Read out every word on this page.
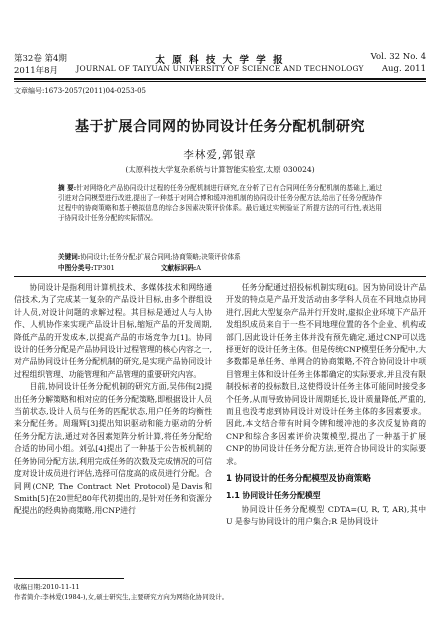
第32卷 第4期	太 原 科 技 大 学 学 报	Vol. 32 No. 4
2011年8月	JOURNAL OF TAIYUAN UNIVERSITY OF SCIENCE AND TECHNOLOGY	Aug. 2011
文章编号:1673-2057(2011)04-0253-05
基于扩展合同网的协同设计任务分配机制研究
李林爱,郭银章
(太原科技大学复杂系统与计算智能实验室,太原 030024)
摘 要:针对网络化产品协同设计过程的任务分配机制进行研究,在分析了已有合同网任务分配机制的基础上,通过引进对合同模型进行改进,提出了一种基于对网合博和缓冲池机制的协同设计任务分配方法,给出了任务分配协作过程中的协商策略和基于模拟信息的综合多因素决策评价体系。最后通过实例验证了所提方法的可行性,表达用于协同设计任务分配的实际情况。
关键词:协同设计;任务分配;扩展合同网;协商策略;决策评价体系
中图分类号:TP301	文献标识码:A

协同设计是指利用计算机技术、多媒体技术和网络通信技术,为了完成某一复杂的产品设计目标,由多个群组设计人员,对设计问题的求解过程。其目标是通过人与人协作、人机协作来实现产品设计目标,缩短产品的开发周期,降低产品的开发成本,以提高产品的市场竞争力[1]。协同设计的任务分配是产品协同设计过程管理的核心内容之一,对产品协同设计任务分配机制的研究,是实现产品协同设计过程组织管理、功能管理和产品管理的重要研究内容。

目前,协同设计任务分配机制的研究方面,吴伟伟[2]提出任务分解策略和相对应的任务分配策略,即根据设计人员当前状态,设计人员与任务的匹配状态,用户任务的均衡性来分配任务。周瑞辉[3]提出知识驱动和能力驱动的分析任务分配方法,通过对各因素矩阵分析计算,将任务分配给合适的协同小组。刘弘[4]提出了一种基于公告板机制的任务协同分配方法,利用完成任务的次数及完成情况的可信度对设计成员进行评估,选择可信度高的成员进行分配。合同网(CNP, The Contract Net Protocol)是Davis和Smith[5]在20世纪80年代初提出的,是针对任务和资源分配提出的经典协商策略,用CNP进行

任务分配通过招投标机制实现[6]。因为协同设计产品开发的特点是产品开发活动由多学科人员在不同地点协同进行,因此大型复杂产品并行开发时,虚拟企业环境下产品开发组织成员来自于一些不同地理位置的各个企业、机构或部门,因此设计任务主体并没有预先确定,通过CNP可以选择更好的设计任务主体。但是传统CNP模型任务分配中,大多数都是单任务、单网合的协商策略,不符合协同设计中项目管理主体和设计任务主体都确定的实际要求,并且没有限制投标者的投标数目,这使得设计任务主体可能同时接受多个任务,从而导致协同设计周期延长,设计质量降低,严重的,而且也没考虑到协同设计对设计任务主体的多因素要求。因此,本文结合带有时间令牌和缓冲池的多次反复协商的CNP和综合多因素评价决策模型,提出了一种基于扩展CNP的协同设计任务分配方法,更符合协同设计的实际要求。

1 协同设计的任务分配模型及协商策略
1.1 协同设计任务分配模型

协同设计任务分配模型 CDTA=(U, R, T, AR),其中 U 是参与协同设计的用户集合;R 是协同设计

收稿日期:2010-11-11
作者简介:李林爱(1984-),女,硕士研究生,主要研究方向为网络化协同设计。
